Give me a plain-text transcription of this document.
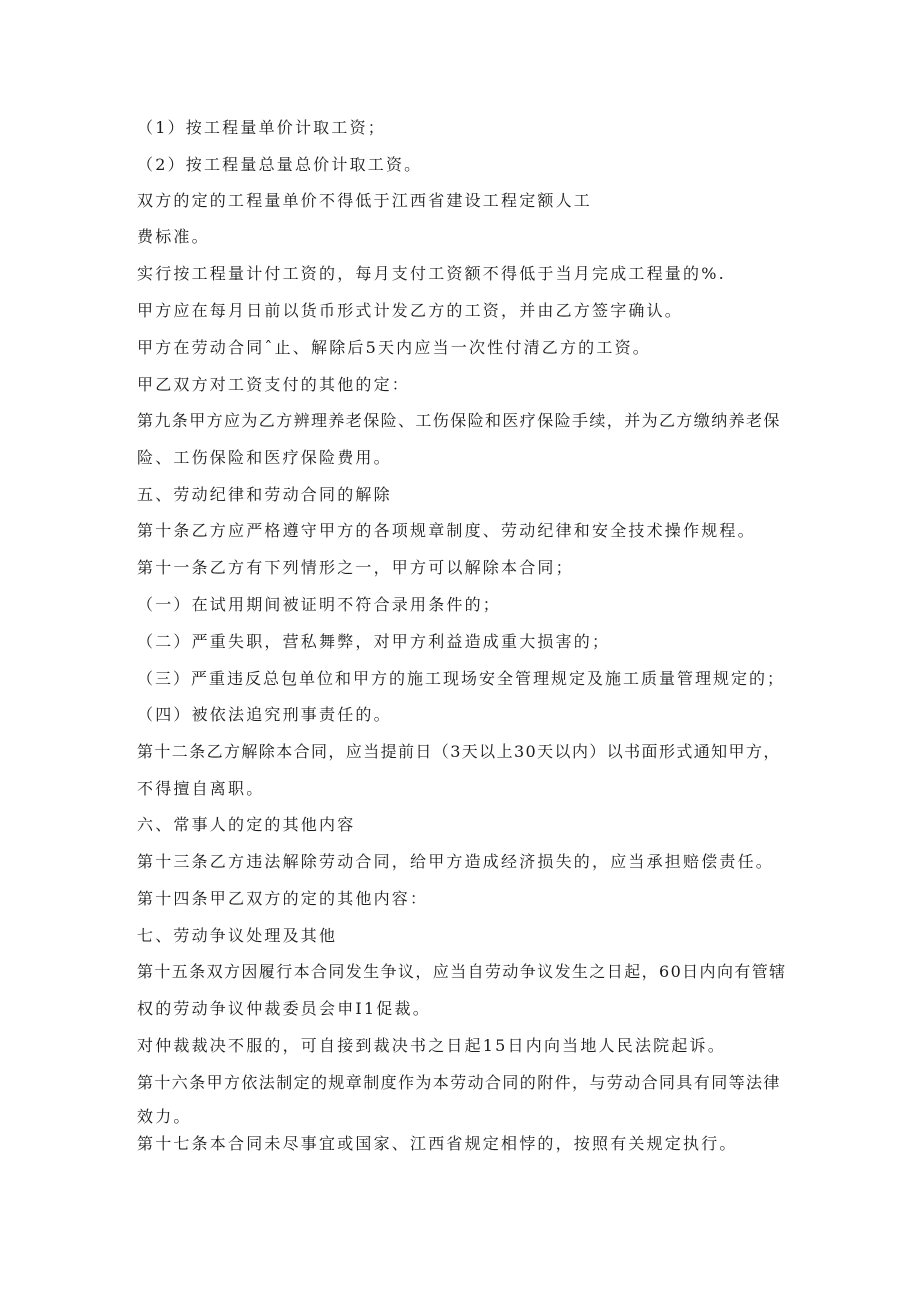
（1）按工程量单价计取工资；
（2）按工程量总量总价计取工资。
双方的定的工程量单价不得低于江西省建设工程定额人工
费标准。
实行按工程量计付工资的，每月支付工资额不得低于当月完成工程量的%.
甲方应在每月日前以货币形式计发乙方的工资，并由乙方签字确认。
甲方在劳动合同ˆ止、解除后5天内应当一次性付清乙方的工资。
甲乙双方对工资支付的其他的定：
第九条甲方应为乙方辨理养老保险、工伤保险和医疗保险手续，并为乙方缴纳养老保
险、工伤保险和医疗保险费用。
五、劳动纪律和劳动合同的解除
第十条乙方应严格遵守甲方的各项规章制度、劳动纪律和安全技术操作规程。
第十一条乙方有下列情形之一，甲方可以解除本合同；
（一）在试用期间被证明不符合录用条件的；
（二）严重失职，营私舞弊，对甲方利益造成重大损害的；
（三）严重违反总包单位和甲方的施工现场安全管理规定及施工质量管理规定的；
（四）被依法追究刑事责任的。
第十二条乙方解除本合同，应当提前日（3天以上30天以内）以书面形式通知甲方，
不得擅自离职。
六、常事人的定的其他内容
第十三条乙方违法解除劳动合同，给甲方造成经济损失的，应当承担赔偿责任。
第十四条甲乙双方的定的其他内容：
七、劳动争议处理及其他
第十五条双方因履行本合同发生争议，应当自劳动争议发生之日起，60日内向有管辖
权的劳动争议仲裁委员会申I1促裁。
对仲裁裁决不服的，可自接到裁决书之日起15日内向当地人民法院起诉。
第十六条甲方依法制定的规章制度作为本劳动合同的附件，与劳动合同具有同等法律
效力。
第十七条本合同未尽事宜或国家、江西省规定相悖的，按照有关规定执行。
